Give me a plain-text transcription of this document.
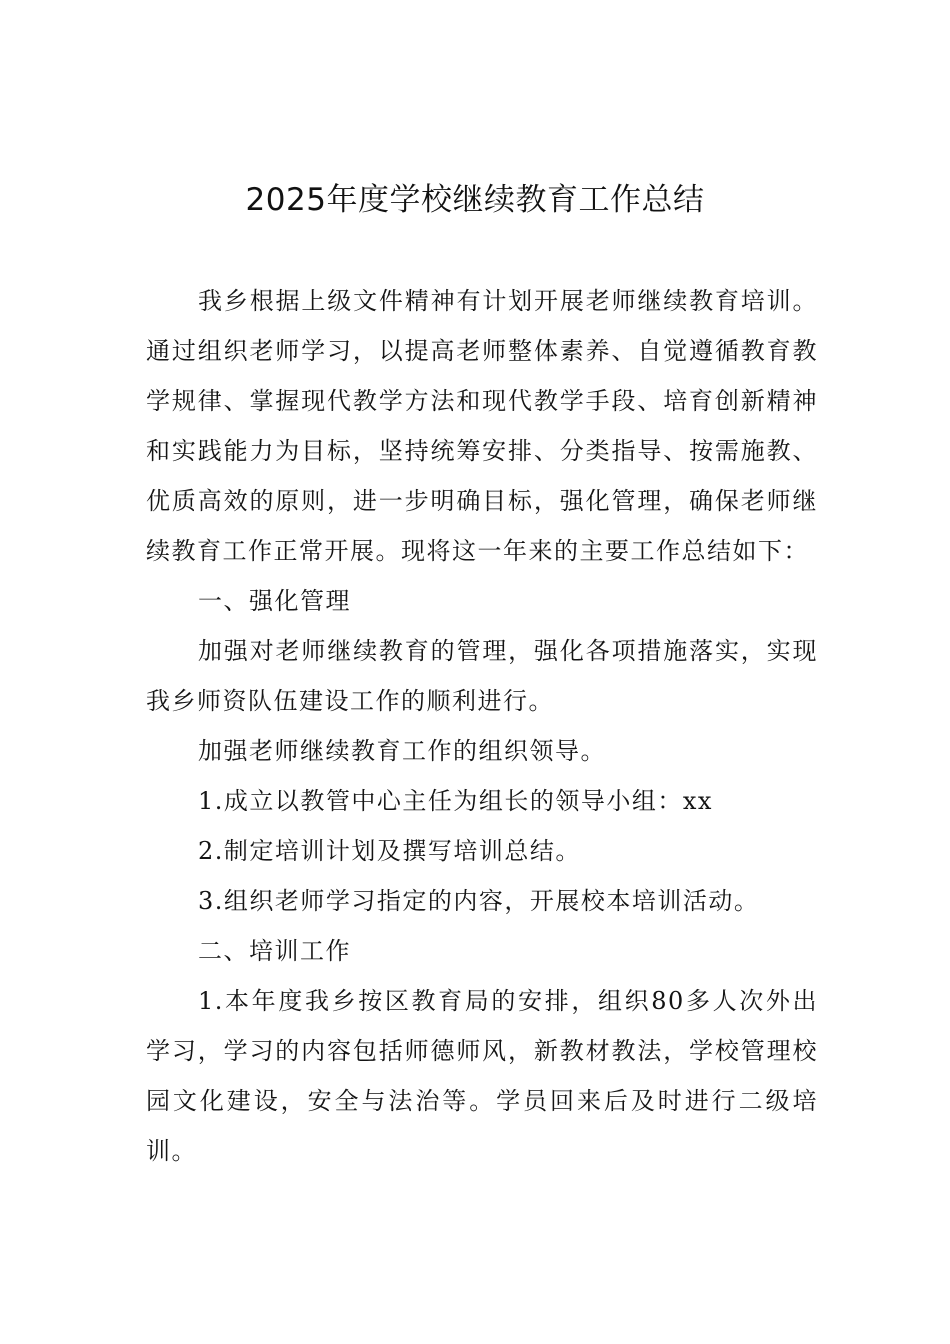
2025年度学校继续教育工作总结

我乡根据上级文件精神有计划开展老师继续教育培训。通过组织老师学习，以提高老师整体素养、自觉遵循教育教学规律、掌握现代教学方法和现代教学手段、培育创新精神和实践能力为目标，坚持统筹安排、分类指导、按需施教、优质高效的原则，进一步明确目标，强化管理，确保老师继续教育工作正常开展。现将这一年来的主要工作总结如下：

一、强化管理

加强对老师继续教育的管理，强化各项措施落实，实现我乡师资队伍建设工作的顺利进行。

加强老师继续教育工作的组织领导。

1.成立以教管中心主任为组长的领导小组：xx

2.制定培训计划及撰写培训总结。

3.组织老师学习指定的内容，开展校本培训活动。

二、培训工作

1.本年度我乡按区教育局的安排，组织80多人次外出学习，学习的内容包括师德师风，新教材教法，学校管理校园文化建设，安全与法治等。学员回来后及时进行二级培训。
